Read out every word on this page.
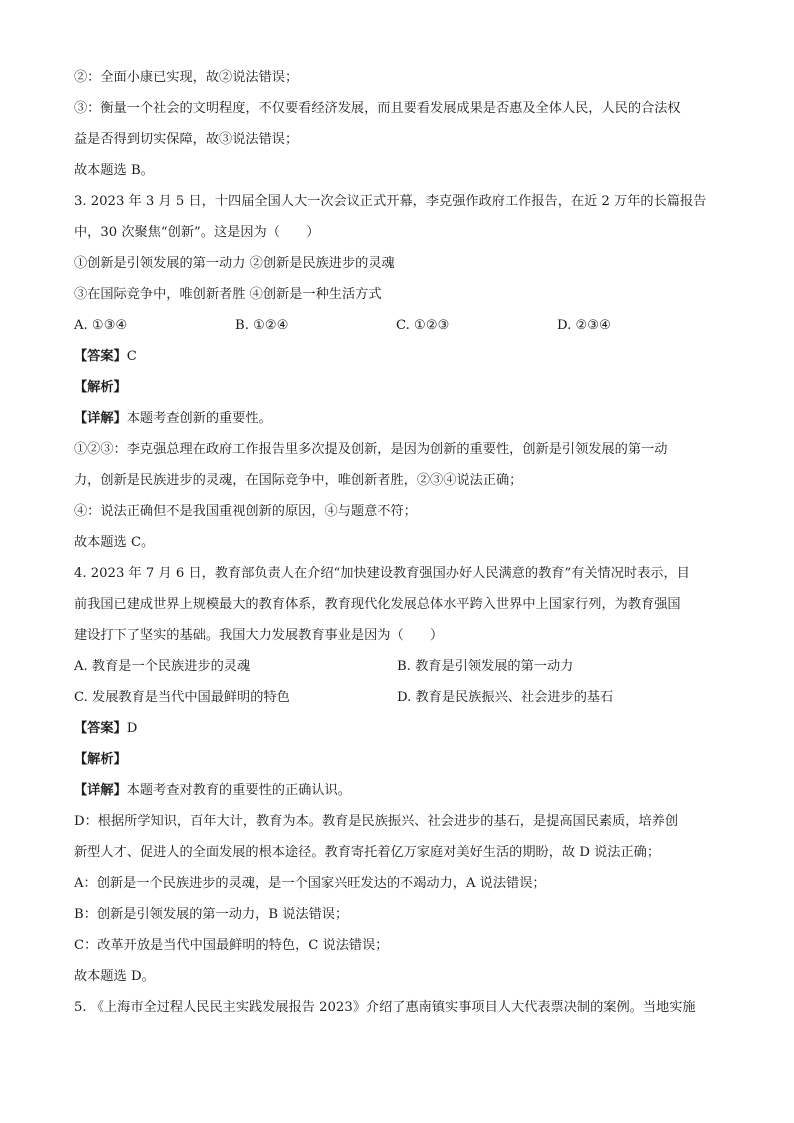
②：全面小康已实现，故②说法错误；
③：衡量一个社会的文明程度，不仅要看经济发展，而且要看发展成果是否惠及全体人民，人民的合法权
益是否得到切实保障，故③说法错误；
故本题选 B。
3. 2023 年 3 月 5 日，十四届全国人大一次会议正式开幕，李克强作政府工作报告，在近 2 万年的长篇报告
中，30 次聚焦“创新”。这是因为（　　）
①创新是引领发展的第一动力 ②创新是民族进步的灵魂
③在国际竞争中，唯创新者胜 ④创新是一种生活方式
A. ①③④	B. ①②④	C. ①②③	D. ②③④
【答案】C
【解析】
【详解】本题考查创新的重要性。
①②③：李克强总理在政府工作报告里多次提及创新，是因为创新的重要性，创新是引领发展的第一动
力，创新是民族进步的灵魂，在国际竞争中，唯创新者胜，②③④说法正确；
④：说法正确但不是我国重视创新的原因，④与题意不符；
故本题选 C。
4. 2023 年 7 月 6 日，教育部负责人在介绍“加快建设教育强国办好人民满意的教育”有关情况时表示，目
前我国已建成世界上规模最大的教育体系，教育现代化发展总体水平跨入世界中上国家行列，为教育强国
建设打下了坚实的基础。我国大力发展教育事业是因为（　　）
A. 教育是一个民族进步的灵魂	B. 教育是引领发展的第一动力
C. 发展教育是当代中国最鲜明的特色	D. 教育是民族振兴、社会进步的基石
【答案】D
【解析】
【详解】本题考查对教育的重要性的正确认识。
D：根据所学知识，百年大计，教育为本。教育是民族振兴、社会进步的基石，是提高国民素质，培养创
新型人才、促进人的全面发展的根本途径。教育寄托着亿万家庭对美好生活的期盼，故 D 说法正确；
A：创新是一个民族进步的灵魂，是一个国家兴旺发达的不竭动力，A 说法错误；
B：创新是引领发展的第一动力，B 说法错误；
C：改革开放是当代中国最鲜明的特色，C 说法错误；
故本题选 D。
5. 《上海市全过程人民民主实践发展报告 2023》介绍了惠南镇实事项目人大代表票决制的案例。当地实施
